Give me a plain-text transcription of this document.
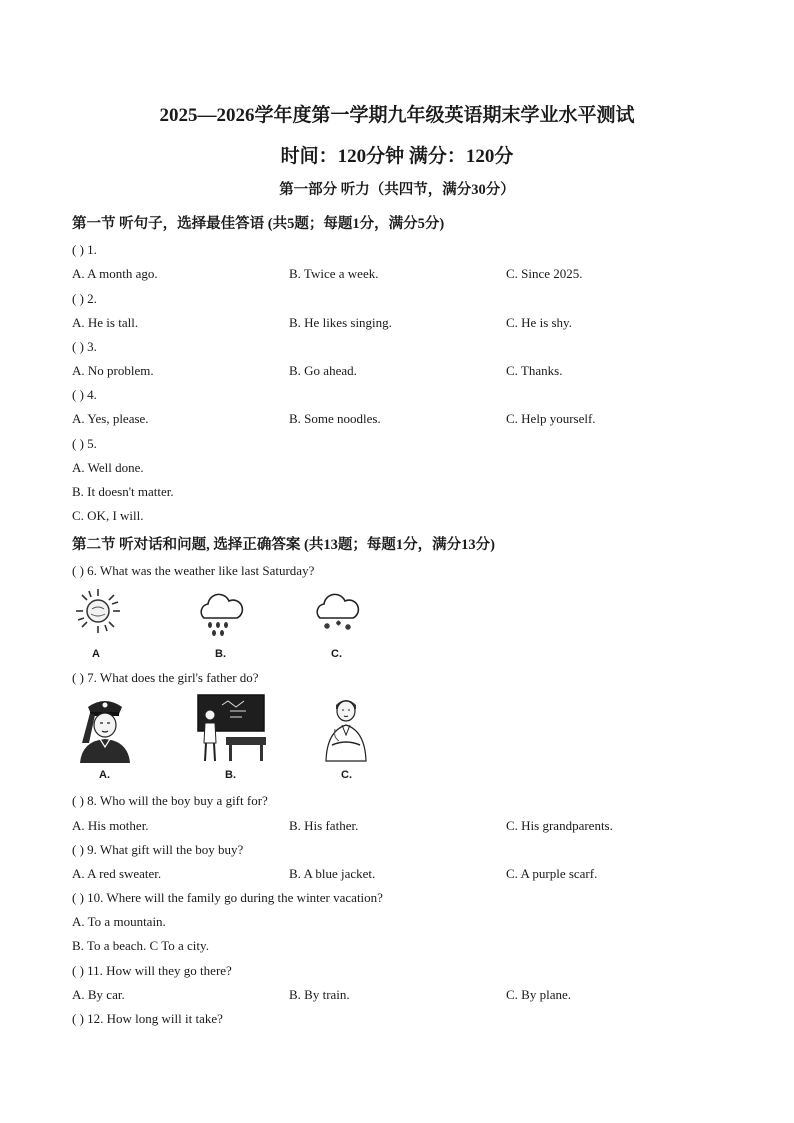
2025—2026学年度第一学期九年级英语期末学业水平测试
时间：120分钟 满分：120分
第一部分 听力（共四节，满分30分）
第一节 听句子，选择最佳答语 (共5题；每题1分，满分5分)
( ) 1.
A. A month ago.	B. Twice a week.	C. Since 2025.
( ) 2.
A. He is tall.	B. He likes singing.	C. He is shy.
( ) 3.
A. No problem.	B. Go ahead.	C. Thanks.
( ) 4.
A. Yes, please.	B. Some noodles.	C. Help yourself.
( ) 5.
A. Well done.
B. It doesn't matter.
C. OK, I will.
第二节 听对话和问题, 选择正确答案 (共13题；每题1分，满分13分)
( ) 6. What was the weather like last Saturday?
A	B.	C.
( ) 7. What does the girl's father do?
A.	B.	C.
( ) 8. Who will the boy buy a gift for?
A. His mother.	B. His father.	C. His grandparents.
( ) 9. What gift will the boy buy?
A. A red sweater.	B. A blue jacket.	C. A purple scarf.
( ) 10. Where will the family go during the winter vacation?
A. To a mountain.
B. To a beach. C To a city.
( ) 11. How will they go there?
A. By car.	B. By train.	C. By plane.
( ) 12. How long will it take?
